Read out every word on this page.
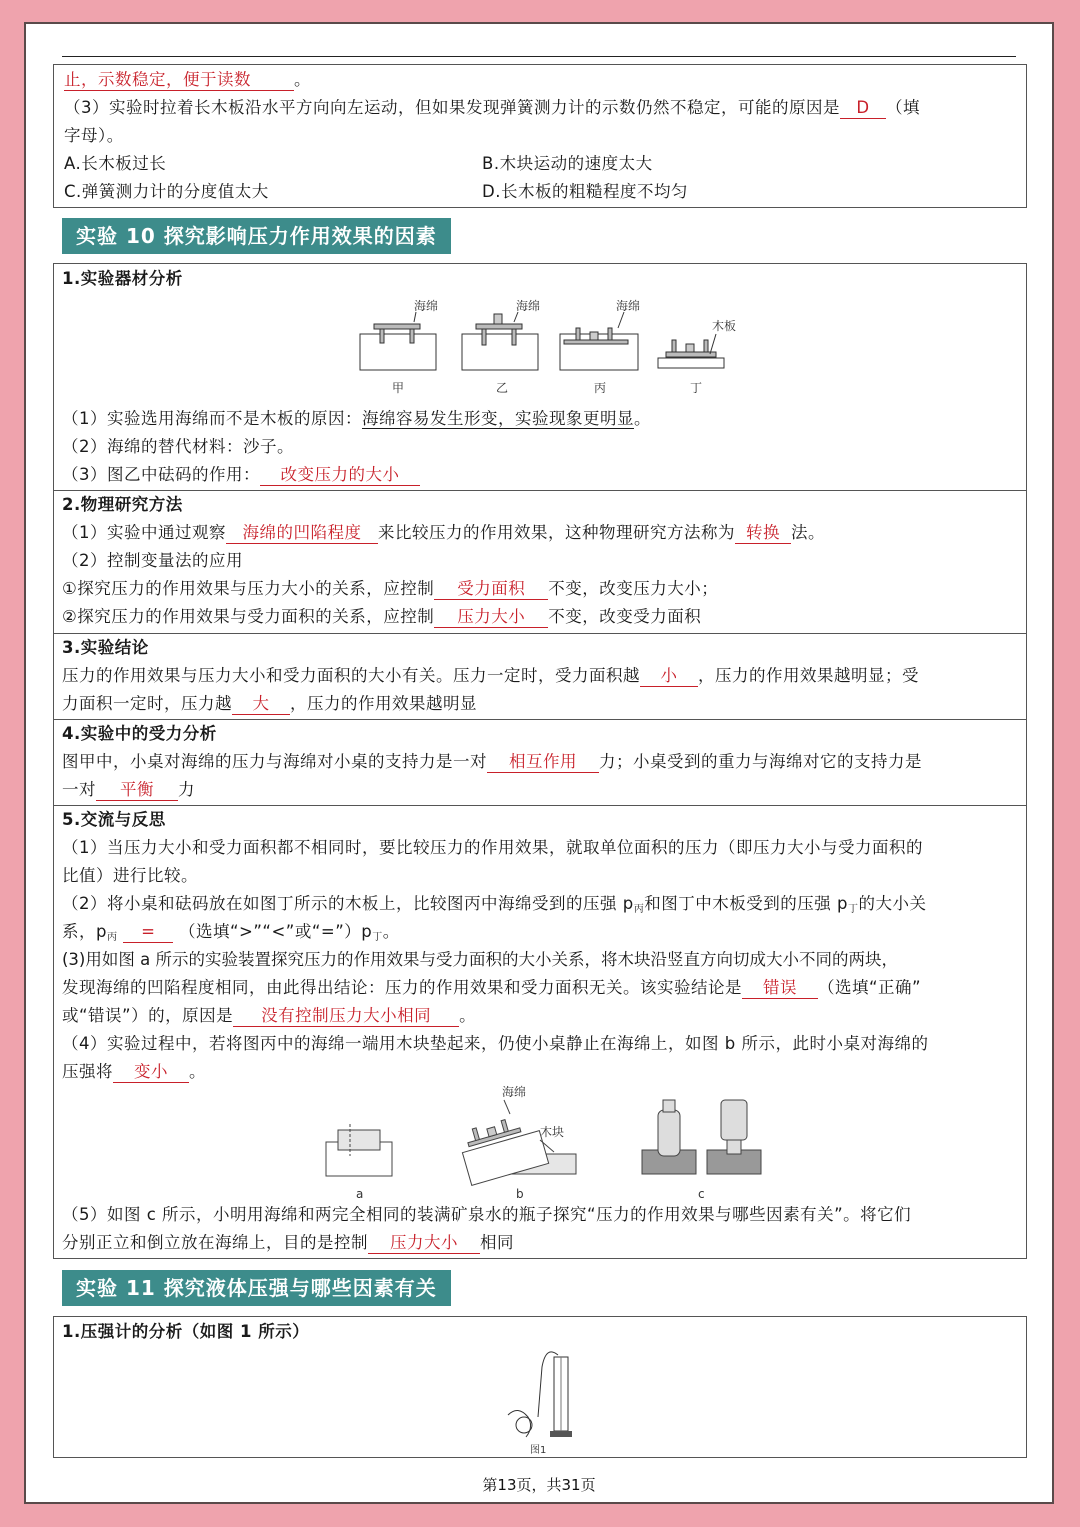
止，示数稳定，便于读数	。
（3）实验时拉着长木板沿水平方向向左运动，但如果发现弹簧测力计的示数仍然不稳定，可能的原因是 D （填
字母）。
A.长木板过长	B.木块运动的速度太大
C.弹簧测力计的分度值太大	D.长木板的粗糙程度不均匀
实验 10 探究影响压力作用效果的因素
1.实验器材分析
海绵
甲
海绵
乙
海绵
丙
木板
丁
（1）实验选用海绵而不是木板的原因：海绵容易发生形变，实验现象更明显。
（2）海绵的替代材料：沙子。
（3）图乙中砝码的作用： 改变压力的大小
2.物理研究方法
（1）实验中通过观察 海绵的凹陷程度 来比较压力的作用效果，这种物理研究方法称为 转换 法。
（2）控制变量法的应用
①探究压力的作用效果与压力大小的关系，应控制 受力面积 不变，改变压力大小；
②探究压力的作用效果与受力面积的关系，应控制 压力大小 不变，改变受力面积
3.实验结论
压力的作用效果与压力大小和受力面积的大小有关。压力一定时，受力面积越 小 ，压力的作用效果越明显；受
力面积一定时，压力越 大 ，压力的作用效果越明显
4.实验中的受力分析
图甲中，小桌对海绵的压力与海绵对小桌的支持力是一对 相互作用 力；小桌受到的重力与海绵对它的支持力是
一对 平衡 力
5.交流与反思
（1）当压力大小和受力面积都不相同时，要比较压力的作用效果，就取单位面积的压力（即压力大小与受力面积的
比值）进行比较。
（2）将小桌和砝码放在如图丁所示的木板上，比较图丙中海绵受到的压强 $p_丙$和图丁中木板受到的压强 $p_丁$的大小关
系，$p_丙$ = （选填“>”“<”或“$=”)p_丁$。
(3)用如图 a 所示的实验装置探究压力的作用效果与受力面积的大小关系，将木块沿竖直方向切成大小不同的两块，
发现海绵的凹陷程度相同，由此得出结论：压力的作用效果和受力面积无关。该实验结论是 错误 （选填“正确”
或“错误”）的，原因是 没有控制压力大小相同 。
（4）实验过程中，若将图丙中的海绵一端用木块垫起来，仍使小桌静止在海绵上，如图 b 所示，此时小桌对海绵的
压强将 变小 。
a
海绵
木块
b	c
（5）如图 c 所示，小明用海绵和两完全相同的装满矿泉水的瓶子探究“压力的作用效果与哪些因素有关”。将它们
分别正立和倒立放在海绵上，目的是控制 压力大小 相同
实验 11 探究液体压强与哪些因素有关
1.压强计的分析（如图 1 所示）
图1
第13页，共31页
